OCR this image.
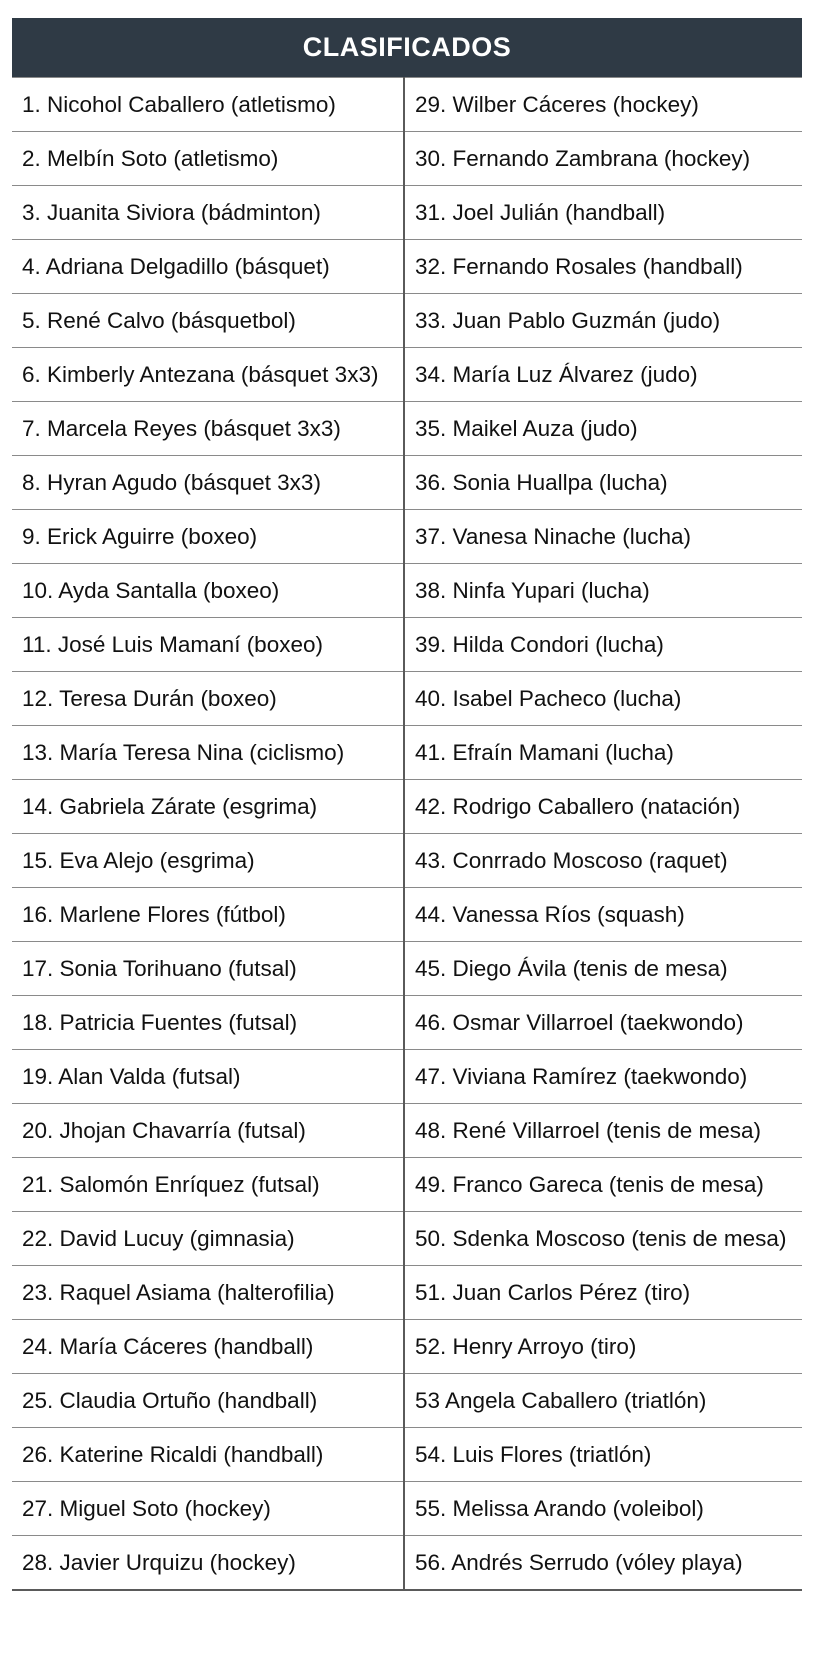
CLASIFICADOS
1. Nicohol Caballero (atletismo)	29. Wilber Cáceres (hockey)
2. Melbín Soto (atletismo)	30. Fernando Zambrana (hockey)
3. Juanita Siviora (bádminton)	31. Joel Julián (handball)
4. Adriana Delgadillo (básquet)	32. Fernando Rosales (handball)
5. René Calvo (básquetbol)	33. Juan Pablo Guzmán (judo)
6. Kimberly Antezana (básquet 3x3)	34. María Luz Álvarez (judo)
7. Marcela Reyes (básquet 3x3)	35. Maikel Auza (judo)
8. Hyran Agudo (básquet 3x3)	36. Sonia Huallpa (lucha)
9. Erick Aguirre (boxeo)	37. Vanesa Ninache (lucha)
10. Ayda Santalla (boxeo)	38. Ninfa Yupari (lucha)
11. José Luis Mamaní (boxeo)	39. Hilda Condori (lucha)
12. Teresa Durán (boxeo)	40. Isabel Pacheco (lucha)
13. María Teresa Nina (ciclismo)	41. Efraín Mamani (lucha)
14. Gabriela Zárate (esgrima)	42. Rodrigo Caballero (natación)
15. Eva Alejo (esgrima)	43. Conrrado Moscoso (raquet)
16. Marlene Flores (fútbol)	44. Vanessa Ríos (squash)
17. Sonia Torihuano (futsal)	45. Diego Ávila (tenis de mesa)
18. Patricia Fuentes (futsal)	46. Osmar Villarroel (taekwondo)
19. Alan Valda (futsal)	47. Viviana Ramírez (taekwondo)
20. Jhojan Chavarría (futsal)	48. René Villarroel (tenis de mesa)
21. Salomón Enríquez (futsal)	49. Franco Gareca (tenis de mesa)
22. David Lucuy (gimnasia)	50. Sdenka Moscoso (tenis de mesa)
23. Raquel Asiama (halterofilia)	51. Juan Carlos Pérez (tiro)
24. María Cáceres (handball)	52. Henry Arroyo (tiro)
25. Claudia Ortuño (handball)	53 Angela Caballero (triatlón)
26. Katerine Ricaldi (handball)	54. Luis Flores (triatlón)
27. Miguel Soto (hockey)	55. Melissa Arando (voleibol)
28. Javier Urquizu (hockey)	56. Andrés Serrudo (vóley playa)
